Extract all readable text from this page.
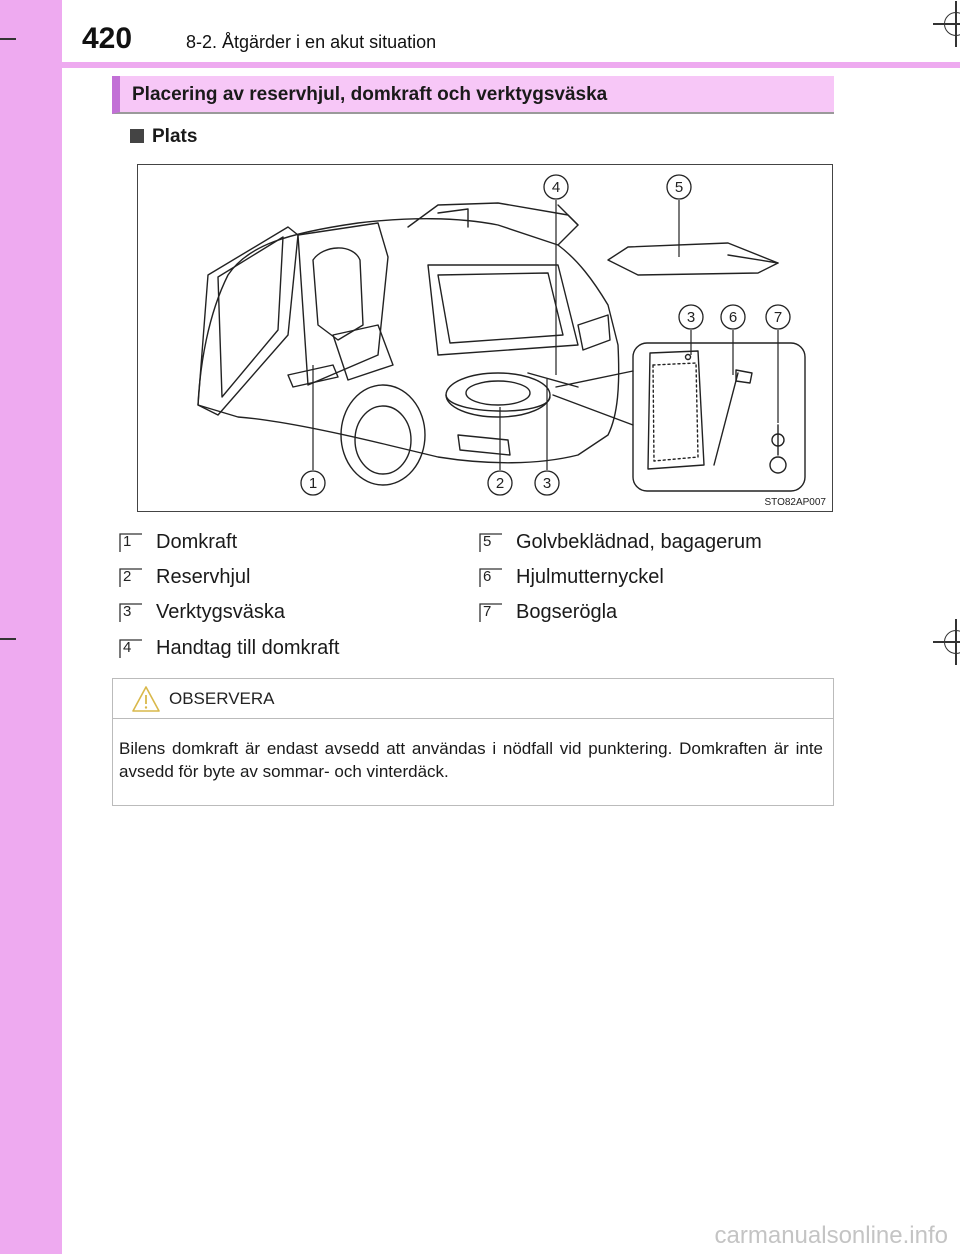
420	8-2. Åtgärder i en akut situation
Placering av reservhjul, domkraft och verktygsväska
Plats
1	2	3
4	5
3 6 7
STO82AP007
1 Domkraft
2 Reservhjul
3 Verktygsväska
4 Handtag till domkraft
5 Golvbeklädnad, bagagerum
6 Hjulmutternyckel
7 Bogserögla
OBSERVERA
Bilens domkraft är endast avsedd att användas i nödfall vid punktering. Domkraften är inte avsedd för byte av sommar- och vinterdäck.
carmanualsonline.info
